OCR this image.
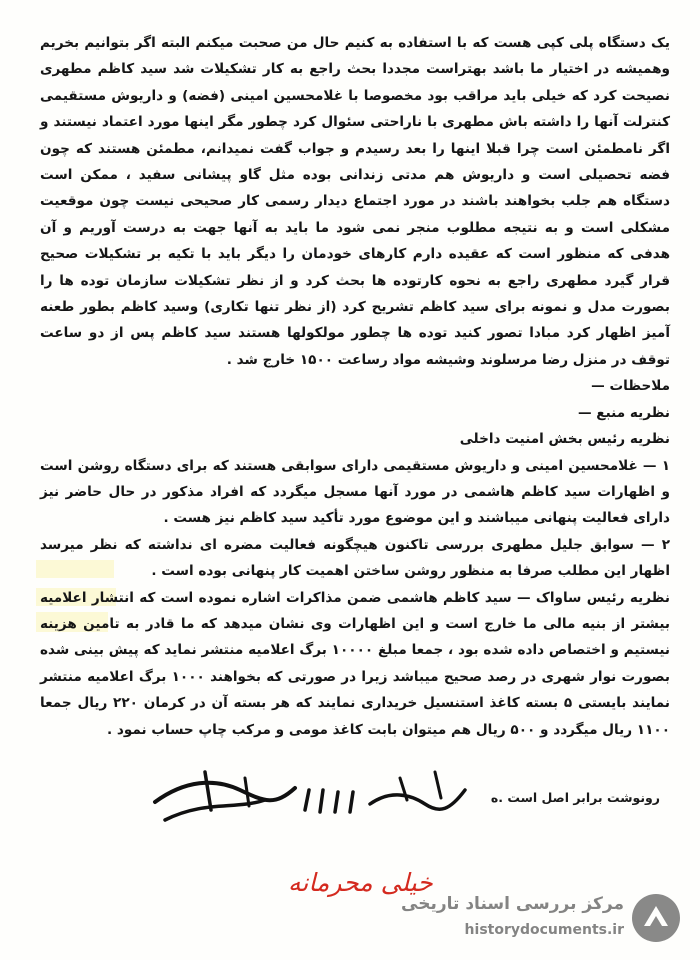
یک دستگاه پلی کپی هست که با استفاده به کنیم حال من صحبت میکنم البته اگر بتوانیم بخریم وهمیشه در اختیار ما باشد بهتراست مجددا بحث راجع به کار تشکیلات شد سید کاظم مطهری نصیحت کرد که خیلی باید مراقب بود مخصوصا با غلامحسین امینی (فضه) و داریوش مستقیمی کنترلت آنها را داشته باش مطهری با ناراحتی سئوال کرد چطور مگر اینها مورد اعتماد نیستند و اگر نامطمئن است چرا قبلا اینها را بعد رسیدم و جواب گفت نمیدانم، مطمئن هستند که چون فضه تحصیلی است و داریوش هم مدتی زندانی بوده مثل گاو پیشانی سفید ، ممکن است دستگاه هم جلب بخواهند باشند در مورد اجتماع دیدار رسمی کار صحیحی نیست چون موقعیت مشکلی است و به نتیجه مطلوب منجر نمی شود ما باید به آنها جهت به درست آوریم و آن هدفی که منظور است که عقیده دارم کارهای خودمان را دیگر باید با تکیه بر تشکیلات صحیح قرار گیرد مطهری راجع به نحوه کارتوده ها بحث کرد و از نظر تشکیلات سازمان توده ها را بصورت مدل و نمونه برای سید کاظم تشریح کرد (از نظر تنها تکاری) وسید کاظم بطور طعنه آمیز اظهار کرد مبادا تصور کنید توده ها چطور مولکولها هستند سید کاظم پس از دو ساعت توقف در منزل رضا مرسلوند وشیشه مواد رساعت ۱۵۰۰ خارج شد .

ملاحظات —
نظریه منبع —
نظریه رئیس بخش امنیت داخلی

۱ — غلامحسین امینی و داریوش مستقیمی دارای سوابقی هستند که برای دستگاه روشن است و اظهارات سید کاظم هاشمی در مورد آنها مسجل میگردد که افراد مذکور در حال حاضر نیز دارای فعالیت پنهانی میباشند و این موضوع مورد تأکید سید کاظم نیز هست .

۲ — سوابق جلیل مطهری بررسی تاکنون هیچگونه فعالیت مضره ای نداشته که نظر میرسد اظهار این مطلب صرفا به منظور روشن ساختن اهمیت کار پنهانی بوده است .

نظریه رئیس ساواک — سید کاظم هاشمی ضمن مذاکرات اشاره نموده است که انتشار اعلامیه بیشتر از بنیه مالی ما خارج است و این اظهارات وی نشان میدهد که ما قادر به تامین هزینه نیستیم و اختصاص داده شده بود ، جمعا مبلغ ۱۰۰۰۰ برگ اعلامیه منتشر نماید که پیش بینی شده بصورت نوار شهری در رصد صحیح میباشد زیرا در صورتی که بخواهند ۱۰۰۰ برگ اعلامیه منتشر نمایند بایستی ۵ بسته کاغذ استنسیل خریداری نمایند که هر بسته آن در کرمان ۲۲۰ ریال جمعا ۱۱۰۰ ریال میگردد و ۵۰۰ ریال هم میتوان بابت کاغذ مومی و مرکب چاپ حساب نمود .

رونوشت برابر اصل است .ه
خیلی محرمانه
مرکز بررسی اسناد تاریخی
historydocuments.ir
